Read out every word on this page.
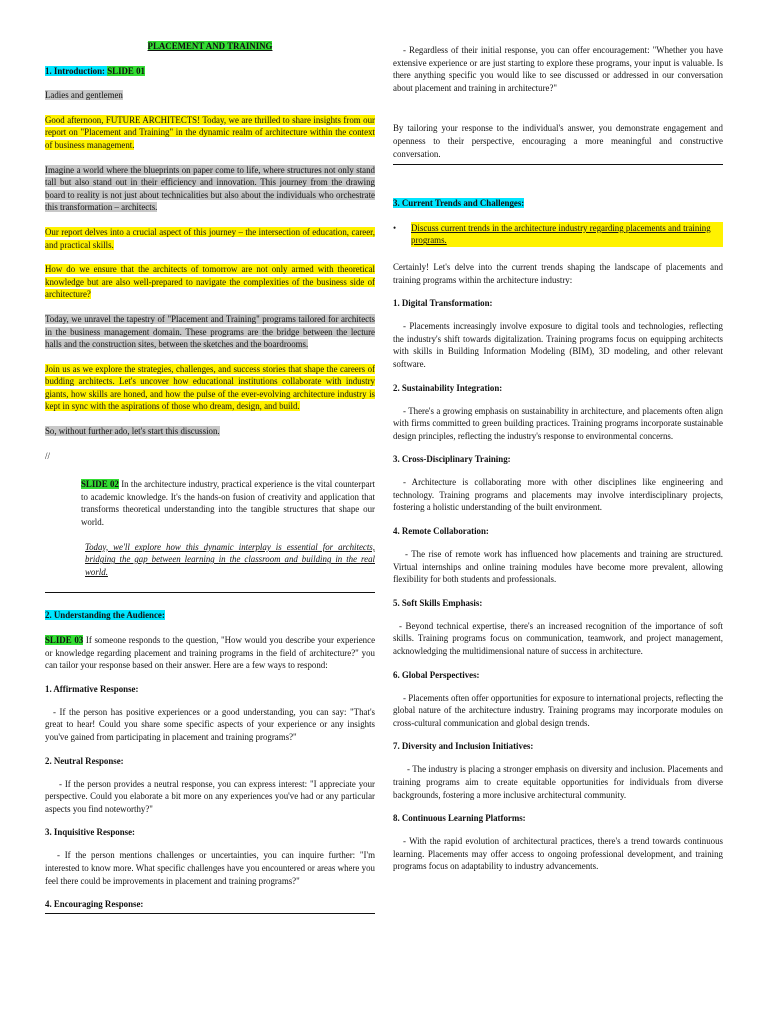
PLACEMENT AND TRAINING

1. Introduction: SLIDE 01

Ladies and gentlemen

Good afternoon, FUTURE ARCHITECTS! Today, we are thrilled to share insights from our report on "Placement and Training" in the dynamic realm of architecture within the context of business management.

Imagine a world where the blueprints on paper come to life, where structures not only stand tall but also stand out in their efficiency and innovation. This journey from the drawing board to reality is not just about technicalities but also about the individuals who orchestrate this transformation – architects.

Our report delves into a crucial aspect of this journey – the intersection of education, career, and practical skills.

How do we ensure that the architects of tomorrow are not only armed with theoretical knowledge but are also well-prepared to navigate the complexities of the business side of architecture?

Today, we unravel the tapestry of "Placement and Training" programs tailored for architects in the business management domain. These programs are the bridge between the lecture halls and the construction sites, between the sketches and the boardrooms.

Join us as we explore the strategies, challenges, and success stories that shape the careers of budding architects. Let's uncover how educational institutions collaborate with industry giants, how skills are honed, and how the pulse of the ever-evolving architecture industry is kept in sync with the aspirations of those who dream, design, and build.

So, without further ado, let's start this discussion.

//

SLIDE 02 In the architecture industry, practical experience is the vital counterpart to academic knowledge. It's the hands-on fusion of creativity and application that transforms theoretical understanding into the tangible structures that shape our world.

Today, we'll explore how this dynamic interplay is essential for architects, bridging the gap between learning in the classroom and building in the real world.

2. Understanding the Audience:

SLIDE 03 If someone responds to the question, "How would you describe your experience or knowledge regarding placement and training programs in the field of architecture?" you can tailor your response based on their answer. Here are a few ways to respond:

1. Affirmative Response:

- If the person has positive experiences or a good understanding, you can say: "That's great to hear! Could you share some specific aspects of your experience or any insights you've gained from participating in placement and training programs?"

2. Neutral Response:

- If the person provides a neutral response, you can express interest: "I appreciate your perspective. Could you elaborate a bit more on any experiences you've had or any particular aspects you find noteworthy?"

3. Inquisitive Response:

- If the person mentions challenges or uncertainties, you can inquire further: "I'm interested to know more. What specific challenges have you encountered or areas where you feel there could be improvements in placement and training programs?"

4. Encouraging Response:

- Regardless of their initial response, you can offer encouragement: "Whether you have extensive experience or are just starting to explore these programs, your input is valuable. Is there anything specific you would like to see discussed or addressed in our conversation about placement and training in architecture?"

By tailoring your response to the individual's answer, you demonstrate engagement and openness to their perspective, encouraging a more meaningful and constructive conversation.

3. Current Trends and Challenges:

•	Discuss current trends in the architecture industry regarding placements and training programs.

Certainly! Let's delve into the current trends shaping the landscape of placements and training programs within the architecture industry:

1. Digital Transformation:

- Placements increasingly involve exposure to digital tools and technologies, reflecting the industry's shift towards digitalization. Training programs focus on equipping architects with skills in Building Information Modeling (BIM), 3D modeling, and other relevant software.

2. Sustainability Integration:

- There's a growing emphasis on sustainability in architecture, and placements often align with firms committed to green building practices. Training programs incorporate sustainable design principles, reflecting the industry's response to environmental concerns.

3. Cross-Disciplinary Training:

- Architecture is collaborating more with other disciplines like engineering and technology. Training programs and placements may involve interdisciplinary projects, fostering a holistic understanding of the built environment.

4. Remote Collaboration:

- The rise of remote work has influenced how placements and training are structured. Virtual internships and online training modules have become more prevalent, allowing flexibility for both students and professionals.

5. Soft Skills Emphasis:

- Beyond technical expertise, there's an increased recognition of the importance of soft skills. Training programs focus on communication, teamwork, and project management, acknowledging the multidimensional nature of success in architecture.

6. Global Perspectives:

- Placements often offer opportunities for exposure to international projects, reflecting the global nature of the architecture industry. Training programs may incorporate modules on cross-cultural communication and global design trends.

7. Diversity and Inclusion Initiatives:

- The industry is placing a stronger emphasis on diversity and inclusion. Placements and training programs aim to create equitable opportunities for individuals from diverse backgrounds, fostering a more inclusive architectural community.

8. Continuous Learning Platforms:

- With the rapid evolution of architectural practices, there's a trend towards continuous learning. Placements may offer access to ongoing professional development, and training programs focus on adaptability to industry advancements.
